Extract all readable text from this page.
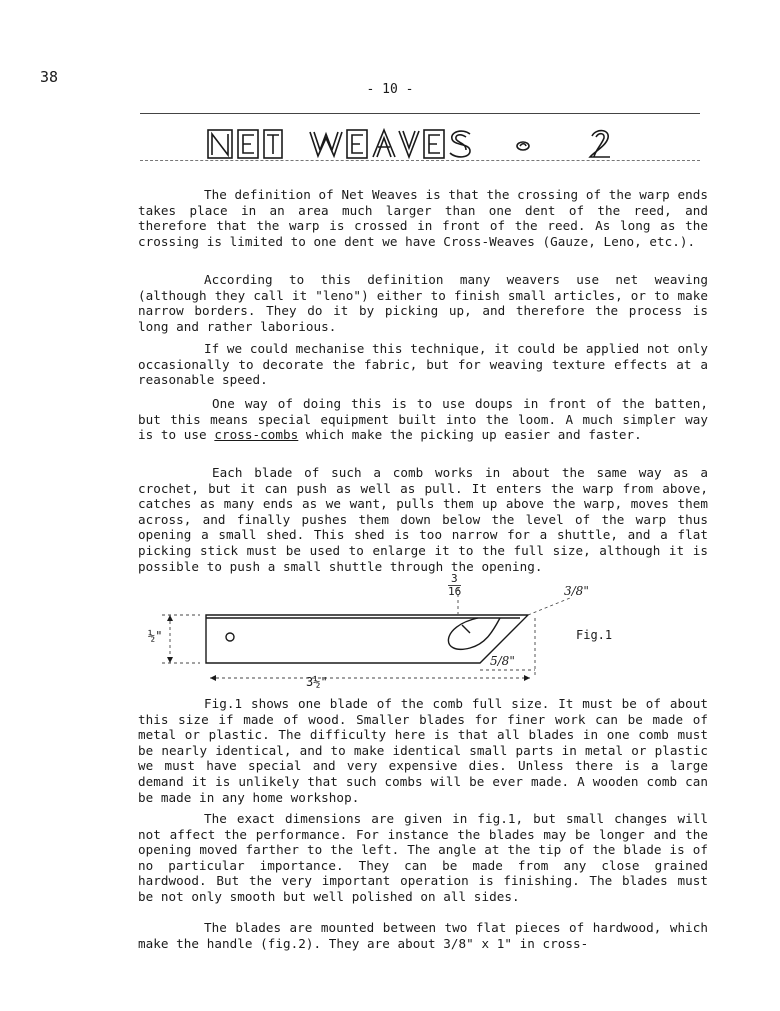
38
- 10 -

The definition of Net Weaves is that the crossing of the warp ends takes place in an area much larger than one dent of the reed, and therefore that the warp is crossed in front of the reed. As long as the crossing is limited to one dent we have Cross-Weaves (Gauze, Leno, etc.).

According to this definition many weavers use net weaving (although they call it "leno") either to finish small articles, or to make narrow borders. They do it by picking up, and therefore the process is long and rather laborious.

If we could mechanise this technique, it could be applied not only occasionally to decorate the fabric, but for weaving texture effects at a reasonable speed.

One way of doing this is to use doups in front of the batten, but this means special equipment built into the loom. A much simpler way is to use cross-combs which make the picking up easier and faster.

Each blade of such a comb works in about the same way as a crochet, but it can push as well as pull. It enters the warp from above, catches as many ends as we want, pulls them up above the warp, moves them across, and finally pushes them down below the level of the warp thus opening a small shed. This shed is too narrow for a shuttle, and a flat picking stick must be used to enlarge it to the full size, although it is possible to push a small shuttle through the opening.

½"
3½"
3
16	3/8"
5/8"
Fig.1

Fig.1 shows one blade of the comb full size. It must be of about this size if made of wood. Smaller blades for finer work can be made of metal or plastic. The difficulty here is that all blades in one comb must be nearly identical, and to make identical small parts in metal or plastic we must have special and very expensive dies. Unless there is a large demand it is unlikely that such combs will be ever made. A wooden comb can be made in any home workshop.

The exact dimensions are given in fig.1, but small changes will not affect the performance. For instance the blades may be longer and the opening moved farther to the left. The angle at the tip of the blade is of no particular importance. They can be made from any close grained hardwood. But the very important operation is finishing. The blades must be not only smooth but well polished on all sides.

The blades are mounted between two flat pieces of hardwood, which make the handle (fig.2). They are about 3/8" x 1" in cross-
